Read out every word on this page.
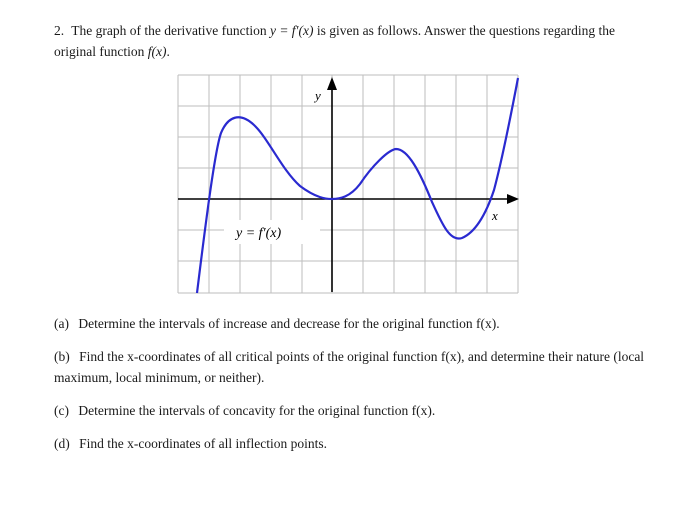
2. The graph of the derivative function y = f′(x) is given as follows. Answer the questions regarding the original function f(x).
y
x
y = f′(x)
(a) Determine the intervals of increase and decrease for the original function f(x).
(b) Find the x-coordinates of all critical points of the original function f(x), and determine their nature (local maximum, local minimum, or neither).
(c) Determine the intervals of concavity for the original function f(x).
(d) Find the x-coordinates of all inflection points.
